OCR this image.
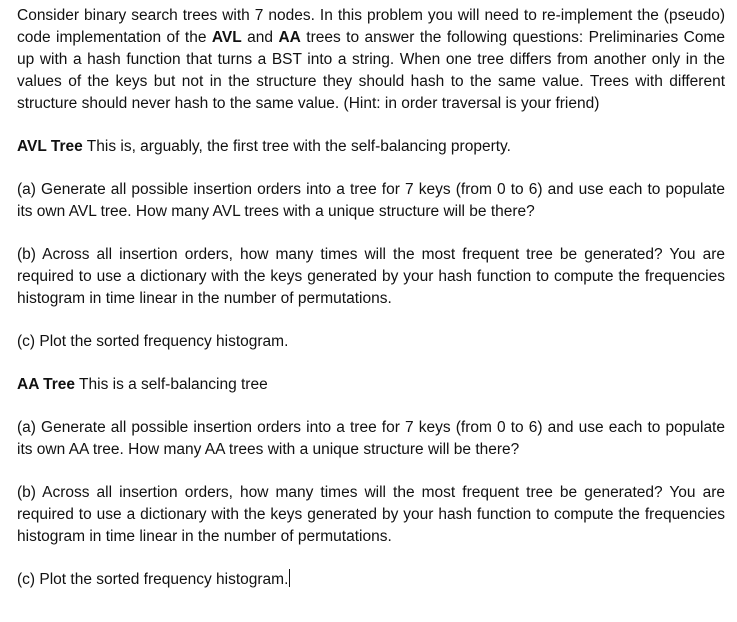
Consider binary search trees with 7 nodes. In this problem you will need to re-implement the (pseudo) code implementation of the AVL and AA trees to answer the following questions: Preliminaries Come up with a hash function that turns a BST into a string. When one tree differs from another only in the values of the keys but not in the structure they should hash to the same value. Trees with different structure should never hash to the same value. (Hint: in order traversal is your friend)

AVL Tree This is, arguably, the first tree with the self-balancing property.

(a) Generate all possible insertion orders into a tree for 7 keys (from 0 to 6) and use each to populate its own AVL tree. How many AVL trees with a unique structure will be there?

(b) Across all insertion orders, how many times will the most frequent tree be generated? You are required to use a dictionary with the keys generated by your hash function to compute the frequencies histogram in time linear in the number of permutations.

(c) Plot the sorted frequency histogram.

AA Tree This is a self-balancing tree

(a) Generate all possible insertion orders into a tree for 7 keys (from 0 to 6) and use each to populate its own AA tree. How many AA trees with a unique structure will be there?

(b) Across all insertion orders, how many times will the most frequent tree be generated? You are required to use a dictionary with the keys generated by your hash function to compute the frequencies histogram in time linear in the number of permutations.

(c) Plot the sorted frequency histogram.
